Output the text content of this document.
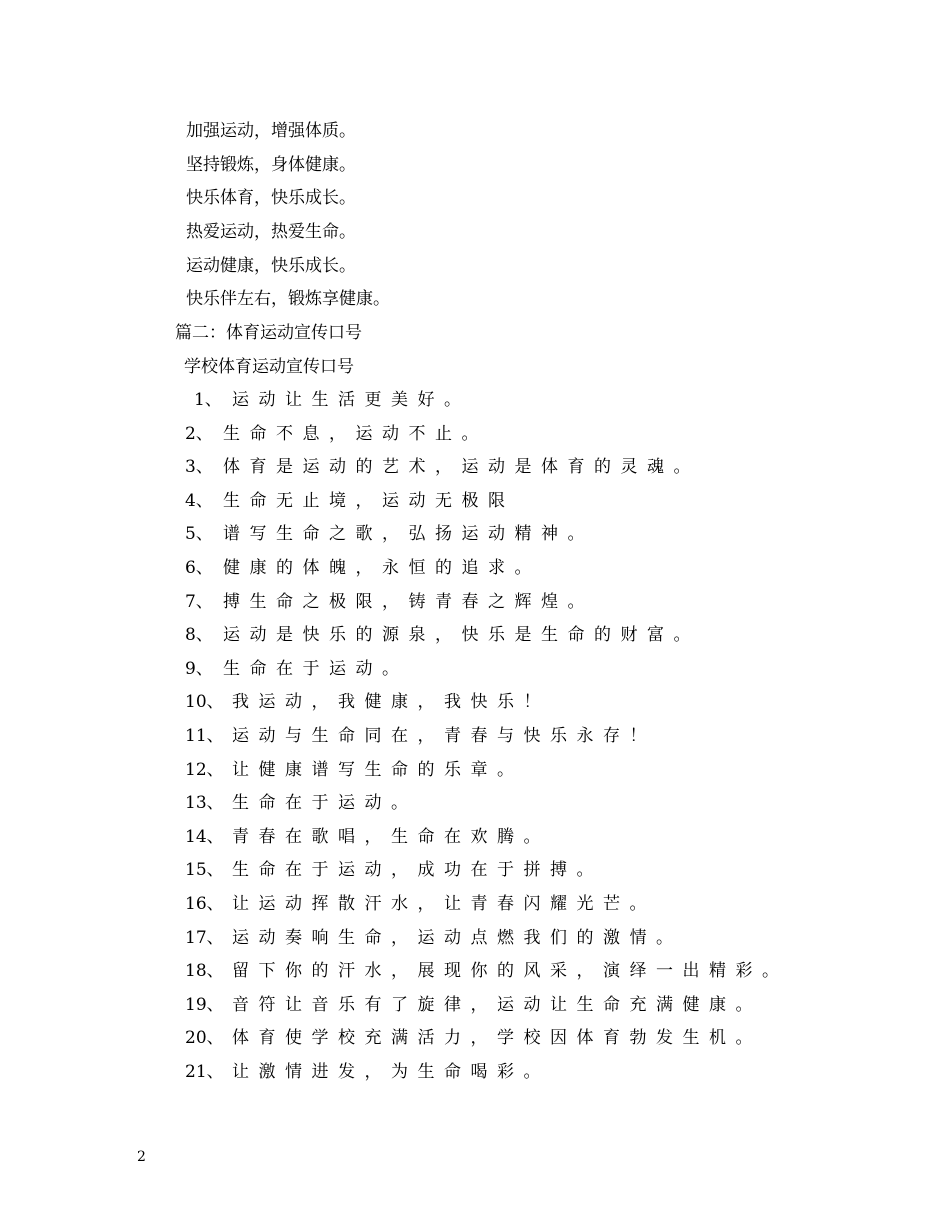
加强运动，增强体质。
坚持锻炼，身体健康。
快乐体育，快乐成长。
热爱运动，热爱生命。
运动健康，快乐成长。
快乐伴左右，锻炼享健康。
篇二：体育运动宣传口号
学校体育运动宣传口号
1、 运动让生活更美好。
2、 生命不息，运动不止。
3、 体育是运动的艺术，运动是体育的灵魂。
4、 生命无止境，运动无极限
5、 谱写生命之歌，弘扬运动精神。
6、 健康的体魄，永恒的追求。
7、 搏生命之极限，铸青春之辉煌。
8、 运动是快乐的源泉，快乐是生命的财富。
9、 生命在于运动。
10、 我运动，我健康，我快乐！
11、 运动与生命同在，青春与快乐永存！
12、 让健康谱写生命的乐章。
13、 生命在于运动。
14、 青春在歌唱，生命在欢腾。
15、 生命在于运动，成功在于拼搏。
16、 让运动挥散汗水，让青春闪耀光芒。
17、 运动奏响生命，运动点燃我们的激情。
18、 留下你的汗水，展现你的风采，演绎一出精彩。
19、 音符让音乐有了旋律，运动让生命充满健康。
20、 体育使学校充满活力，学校因体育勃发生机。
21、 让激情进发，为生命喝彩。
2
